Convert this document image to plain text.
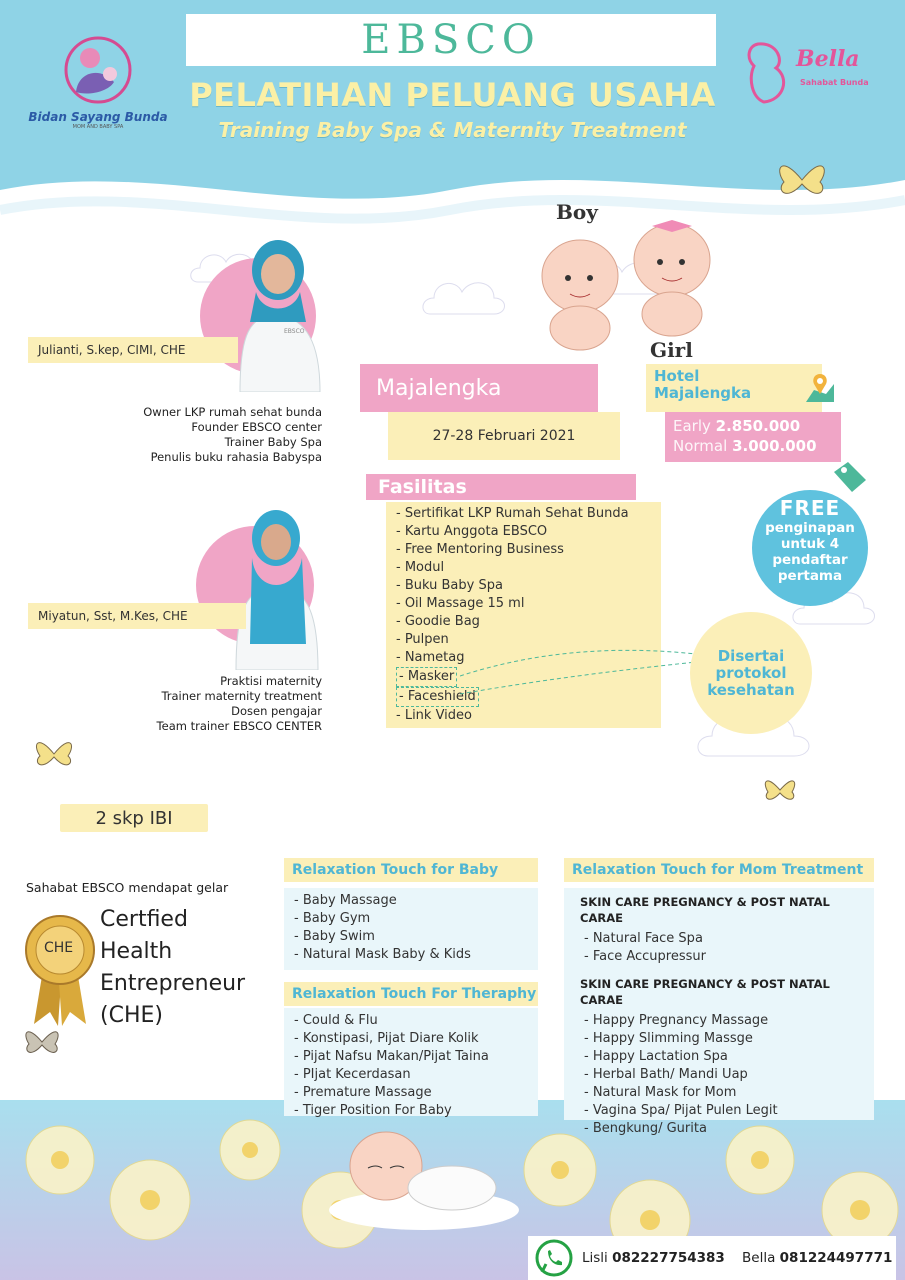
Bidan Sayang Bunda
MOM AND BABY SPA
EBSCO
PELATIHAN PELUANG USAHA
Training Baby Spa & Maternity Treatment
Bella
Sahabat Bunda
Boy
Girl
EBSCO
Julianti, S.kep, CIMI, CHE
Owner LKP rumah sehat bunda
Founder EBSCO center
Trainer Baby Spa
Penulis buku rahasia Babyspa
Miyatun, Sst, M.Kes, CHE
Praktisi maternity
Trainer maternity treatment
Dosen pengajar
Team trainer EBSCO CENTER
Majalengka
27-28 Februari 2021
Hotel Majalengka
Early 2.850.000
Normal 3.000.000
Fasilitas
- Sertifikat LKP Rumah Sehat Bunda
- Kartu Anggota EBSCO
- Free Mentoring Business
- Modul
- Buku Baby Spa
- Oil Massage 15 ml
- Goodie Bag
- Pulpen
- Nametag
- Masker
- Faceshield
- Link Video
FREE
penginapan
untuk 4
pendaftar
pertama
Disertai
protokol
kesehatan
2 skp IBI
Sahabat EBSCO mendapat gelar
CHE
Certfied
Health
Entrepreneur
(CHE)
Relaxation Touch for Baby
- Baby Massage
- Baby Gym
- Baby Swim
- Natural Mask Baby & Kids
Relaxation Touch For Theraphy
- Could & Flu
- Konstipasi, Pijat Diare Kolik
- Pijat Nafsu Makan/Pijat Taina
- PIjat Kecerdasan
- Premature Massage
- Tiger Position For Baby
Relaxation Touch for Mom Treatment
SKIN CARE PREGNANCY & POST NATAL CARAE
- Natural Face Spa
- Face Accupressur
SKIN CARE PREGNANCY & POST NATAL CARAE
- Happy Pregnancy Massage
- Happy Slimming Massge
- Happy Lactation Spa
- Herbal Bath/ Mandi Uap
- Natural Mask for Mom
- Vagina Spa/ Pijat Pulen Legit
- Bengkung/ Gurita
Lisli
082227754383
Bella
081224497771
